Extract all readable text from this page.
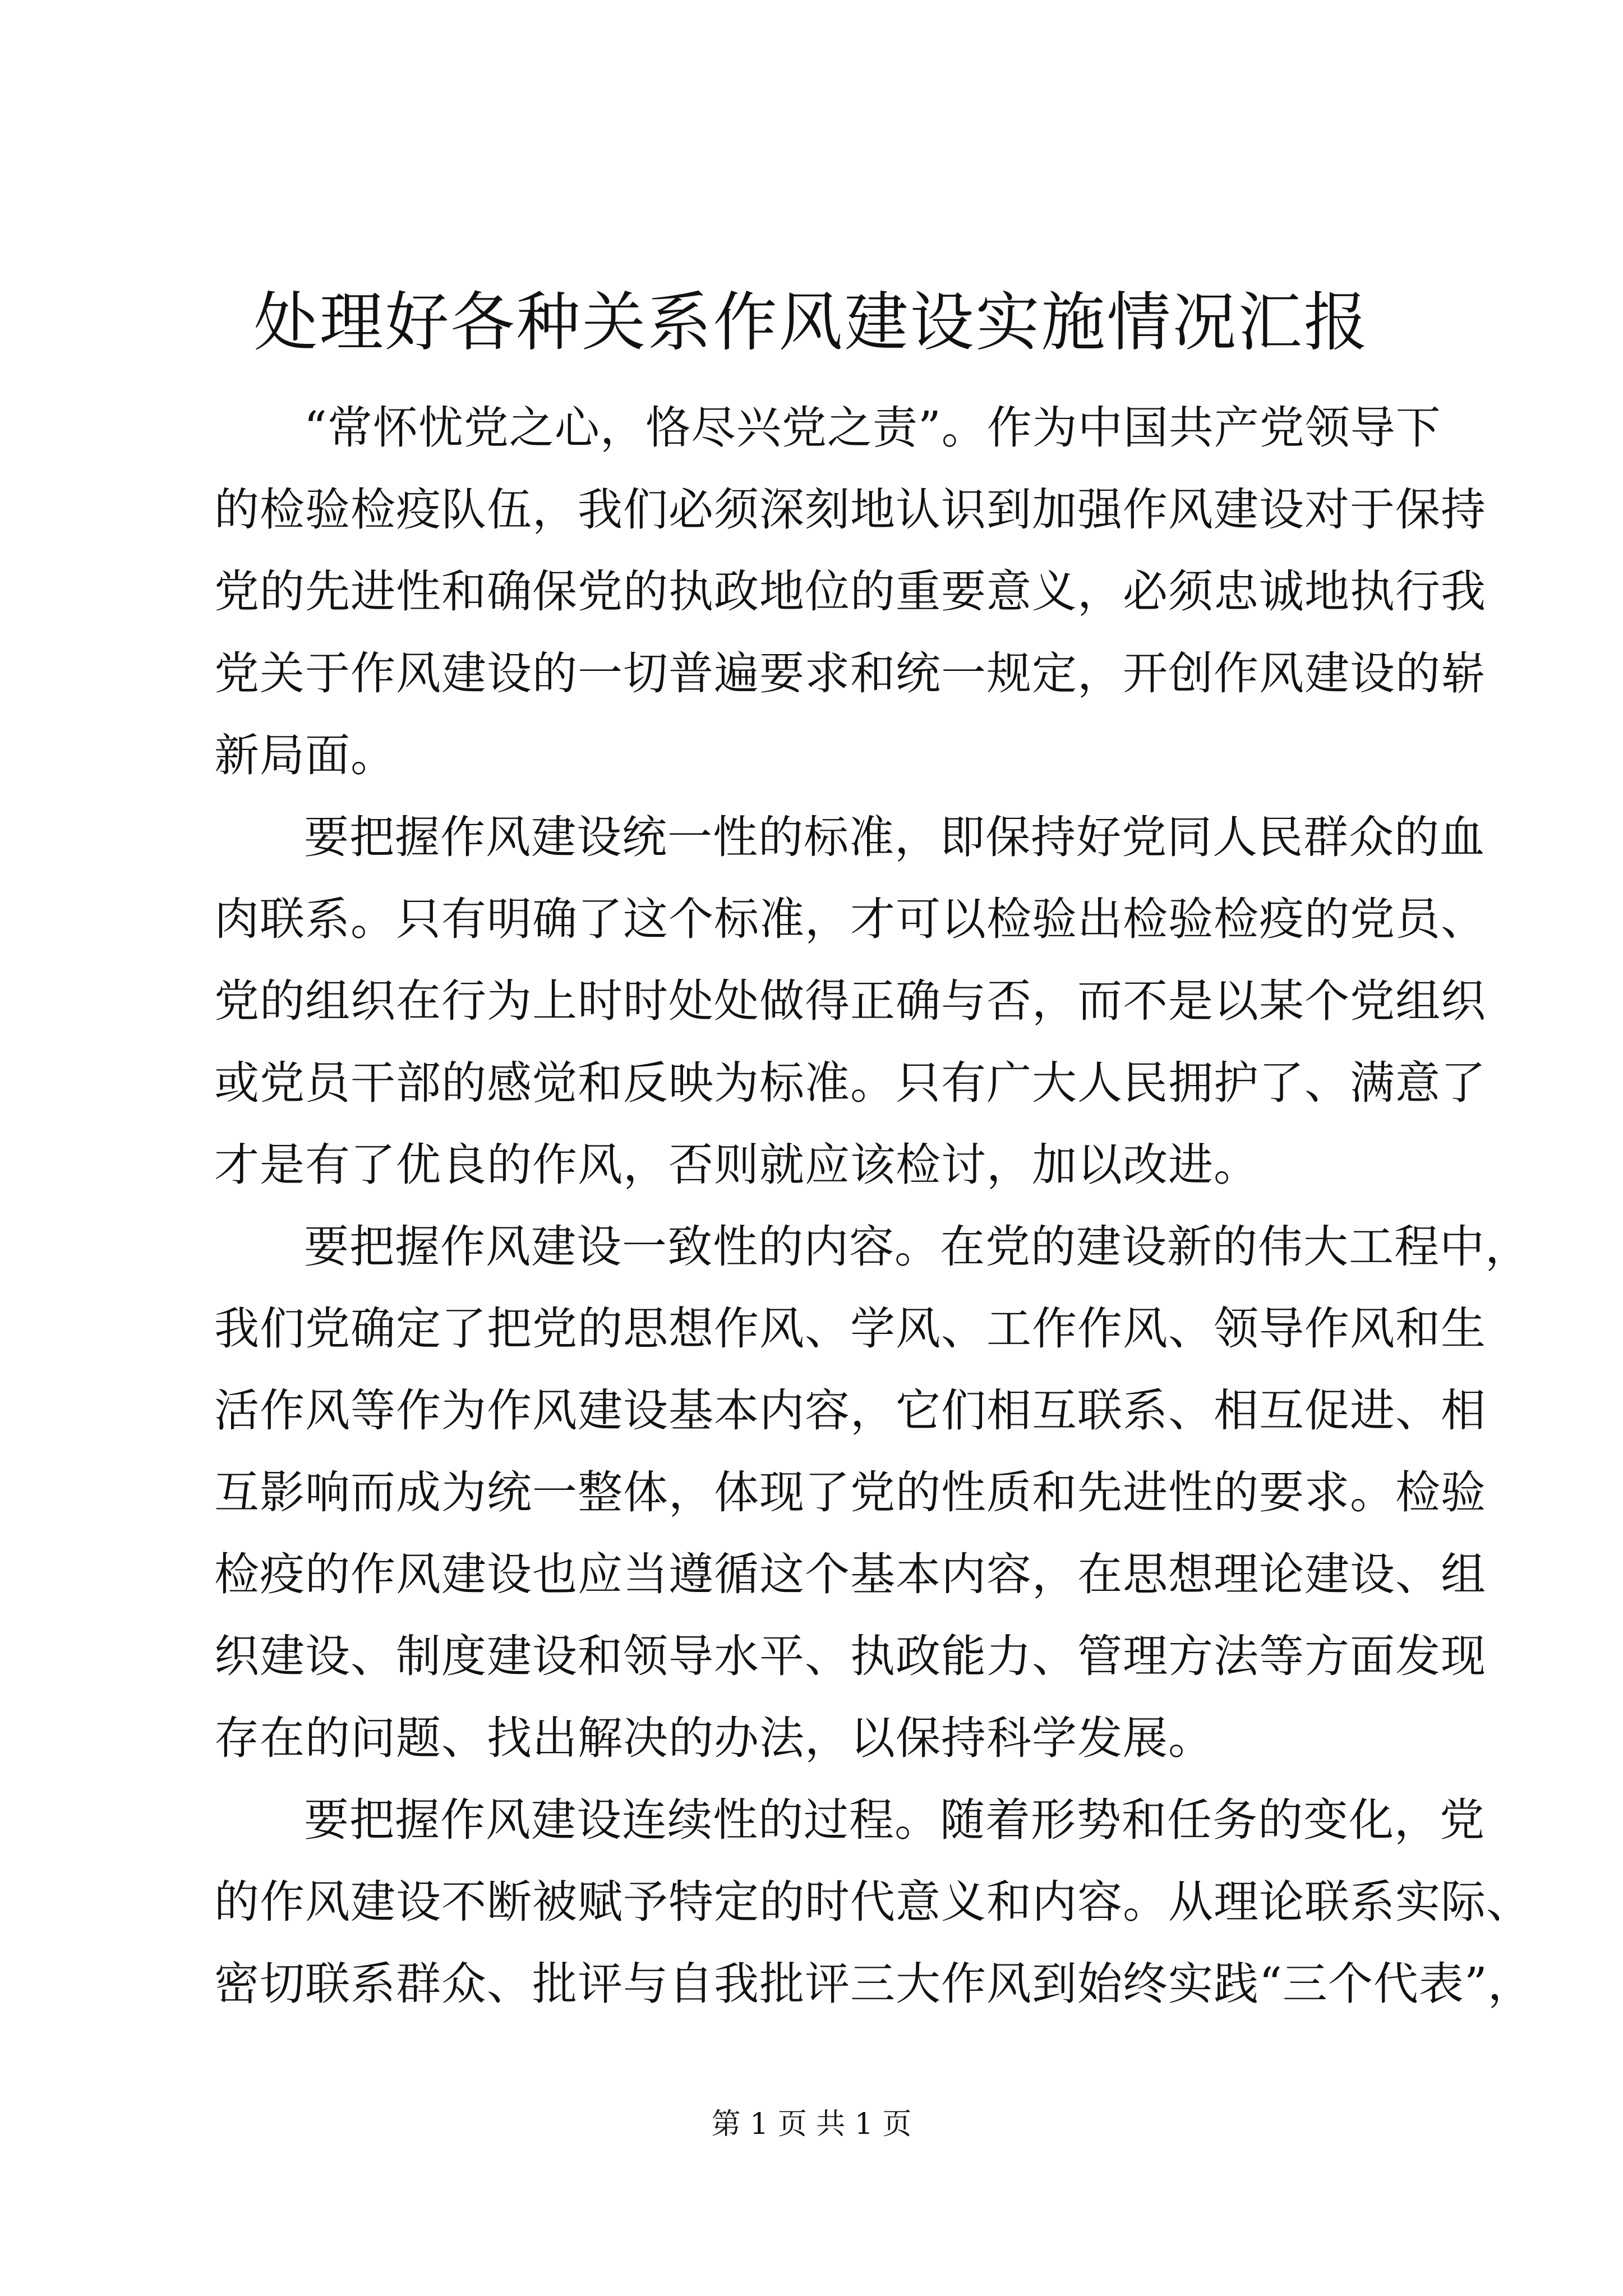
处理好各种关系作风建设实施情况汇报
“常怀忧党之心，恪尽兴党之责”。作为中国共产党领导下
的检验检疫队伍，我们必须深刻地认识到加强作风建设对于保持
党的先进性和确保党的执政地位的重要意义，必须忠诚地执行我
党关于作风建设的一切普遍要求和统一规定，开创作风建设的崭
新局面。
要把握作风建设统一性的标准，即保持好党同人民群众的血
肉联系。只有明确了这个标准，才可以检验出检验检疫的党员、
党的组织在行为上时时处处做得正确与否，而不是以某个党组织
或党员干部的感觉和反映为标准。只有广大人民拥护了、满意了
才是有了优良的作风，否则就应该检讨，加以改进。
要把握作风建设一致性的内容。在党的建设新的伟大工程中，
我们党确定了把党的思想作风、学风、工作作风、领导作风和生
活作风等作为作风建设基本内容，它们相互联系、相互促进、相
互影响而成为统一整体，体现了党的性质和先进性的要求。检验
检疫的作风建设也应当遵循这个基本内容，在思想理论建设、组
织建设、制度建设和领导水平、执政能力、管理方法等方面发现
存在的问题、找出解决的办法，以保持科学发展。
要把握作风建设连续性的过程。随着形势和任务的变化，党
的作风建设不断被赋予特定的时代意义和内容。从理论联系实际、
密切联系群众、批评与自我批评三大作风到始终实践“三个代表”，
第 1 页 共 1 页
